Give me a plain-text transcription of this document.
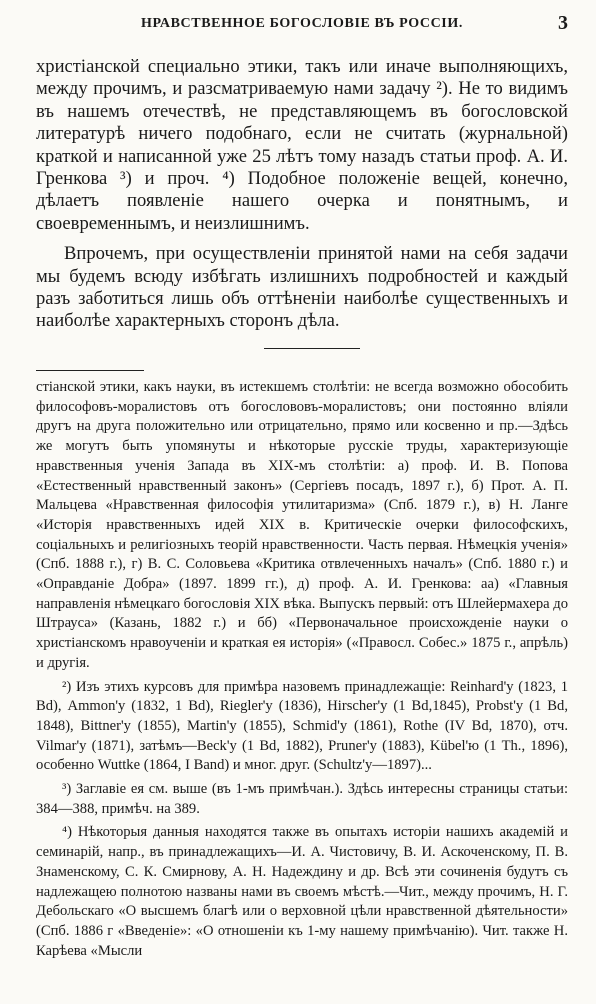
НРАВСТВЕННОЕ БОГОСЛОВІЕ ВЪ РОССІИ.	3

христіанской специально этики, такъ или иначе выполняющихъ, между прочимъ, и разсматриваемую нами задачу ²). Не то видимъ въ нашемъ отечествѣ, не представляющемъ въ богословской литературѣ ничего подобнаго, если не считать (журнальной) краткой и написанной уже 25 лѣтъ тому назадъ статьи проф. А. И. Гренкова ³) и проч. ⁴) Подобное положеніе вещей, конечно, дѣлаетъ появленіе нашего очерка и понятнымъ, и своевременнымъ, и неизлишнимъ.

Впрочемъ, при осуществленіи принятой нами на себя задачи мы будемъ всюду избѣгать излишнихъ подробностей и каждый разъ заботиться лишь объ оттѣненіи наиболѣе существенныхъ и наиболѣе характерныхъ сторонъ дѣла.

стіанской этики, какъ науки, въ истекшемъ столѣтіи: не всегда возможно обособить философовъ-моралистовъ отъ богослововъ-моралистовъ; они постоянно вліяли другъ на друга положительно или отрицательно, прямо или косвенно и пр.—Здѣсь же могутъ быть упомянуты и нѣкоторые русскіе труды, характеризующіе нравственныя ученія Запада въ XIX-мъ столѣтіи: а) проф. И. В. Попова «Естественный нравственный законъ» (Сергіевъ посадъ, 1897 г.), б) Прот. А. П. Мальцева «Нравственная философія утилитаризма» (Спб. 1879 г.), в) Н. Ланге «Исторія нравственныхъ идей XIX в. Критическіе очерки философскихъ, соціальныхъ и религіозныхъ теорій нравственности. Часть первая. Нѣмецкія ученія» (Спб. 1888 г.), г) В. С. Соловьева «Критика отвлеченныхъ началъ» (Спб. 1880 г.) и «Оправданіе Добра» (1897. 1899 гг.), д) проф. А. И. Гренкова: аа) «Главныя направленія нѣмецкаго богословія XIX вѣка. Выпускъ первый: отъ Шлейермахера до Штрауса» (Казань, 1882 г.) и бб) «Первоначальное происхожденіе науки о христіанскомъ нравоученіи и краткая ея исторія» («Правосл. Собес.» 1875 г., апрѣль) и другія.

²) Изъ этихъ курсовъ для примѣра назовемъ принадлежащіе: Reinhard'у (1823, 1 Bd), Ammon'у (1832, 1 Bd), Riegler'у (1836), Hirscher'у (1 Bd,1845), Probst'у (1 Bd, 1848), Bittner'у (1855), Martin'у (1855), Schmid'у (1861), Rothe (IV Bd, 1870), отч. Vilmar'у (1871), затѣмъ—Beck'у (1 Bd, 1882), Pruner'у (1883), Kübel'ю (1 Th., 1896), особенно Wuttke (1864, I Band) и мног. друг. (Schultz'у—1897)...

³) Заглавіе ея см. выше (въ 1-мъ примѣчан.). Здѣсь интересны страницы статьи: 384—388, примѣч. на 389.

⁴) Нѣкоторыя данныя находятся также въ опытахъ исторіи нашихъ академій и семинарій, напр., въ принадлежащихъ—И. А. Чистовичу, В. И. Аскоченскому, П. В. Знаменскому, С. К. Смирнову, А. Н. Надеждину и др. Всѣ эти сочиненія будутъ съ надлежащею полнотою названы нами въ своемъ мѣстѣ.—Чит., между прочимъ, Н. Г. Дебольскаго «О высшемъ благѣ или о верховной цѣли нравственной дѣятельности» (Спб. 1886 г «Введеніе»: «О отношеніи къ 1-му нашему примѣчанію). Чит. также Н. Карѣева «Мысли
